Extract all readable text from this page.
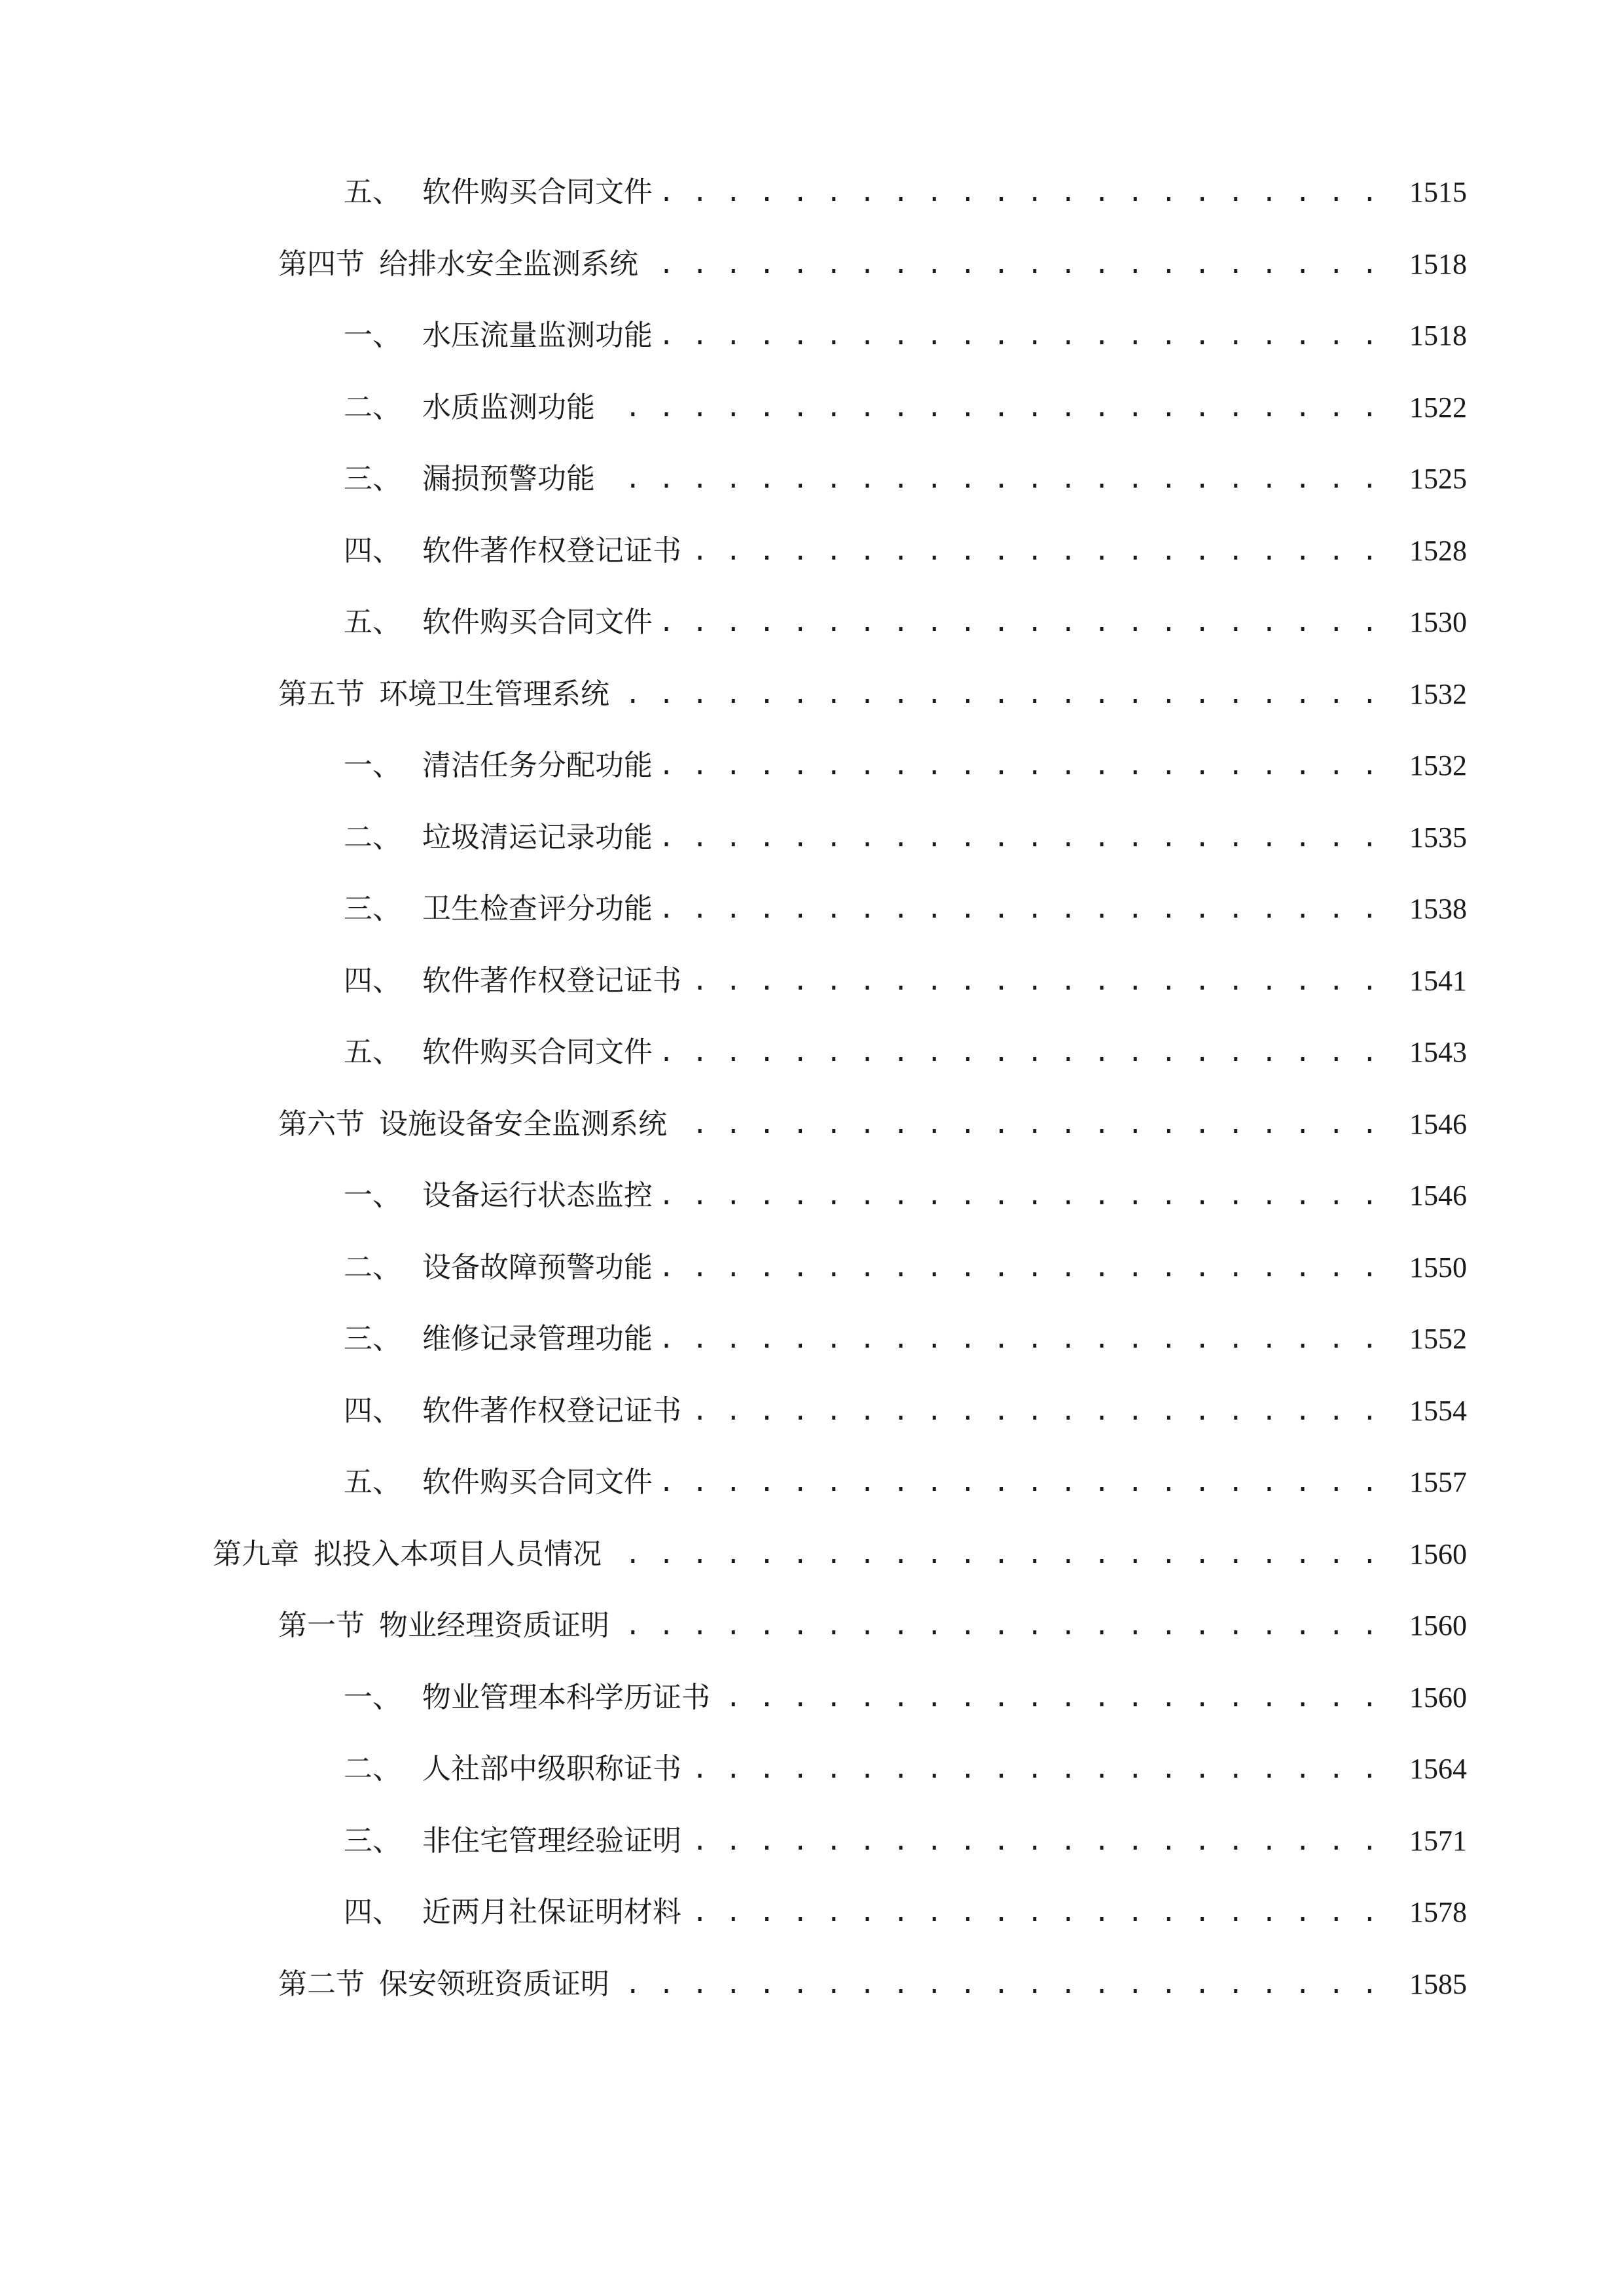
五、 软件购买合同文件 . . .	1515
第四节 给排水安全监测系统 . . .	1518
一、 水压流量监测功能 . . .	1518
二、 水质监测功能 . . .	1522
三、 漏损预警功能 . . .	1525
四、 软件著作权登记证书 . . .	1528
五、 软件购买合同文件 . . .	1530
第五节 环境卫生管理系统 . . .	1532
一、 清洁任务分配功能 . . .	1532
二、 垃圾清运记录功能 . . .	1535
三、 卫生检查评分功能 . . .	1538
四、 软件著作权登记证书 . . .	1541
五、 软件购买合同文件 . . .	1543
第六节 设施设备安全监测系统 . . .	1546
一、 设备运行状态监控 . . .	1546
二、 设备故障预警功能 . . .	1550
三、 维修记录管理功能 . . .	1552
四、 软件著作权登记证书 . . .	1554
五、 软件购买合同文件 . . .	1557
第九章 拟投入本项目人员情况 . . .	1560
第一节 物业经理资质证明 . . .	1560
一、 物业管理本科学历证书 . . .	1560
二、 人社部中级职称证书 . . .	1564
三、 非住宅管理经验证明 . . .	1571
四、 近两月社保证明材料 . . .	1578
第二节 保安领班资质证明 . . .	1585
